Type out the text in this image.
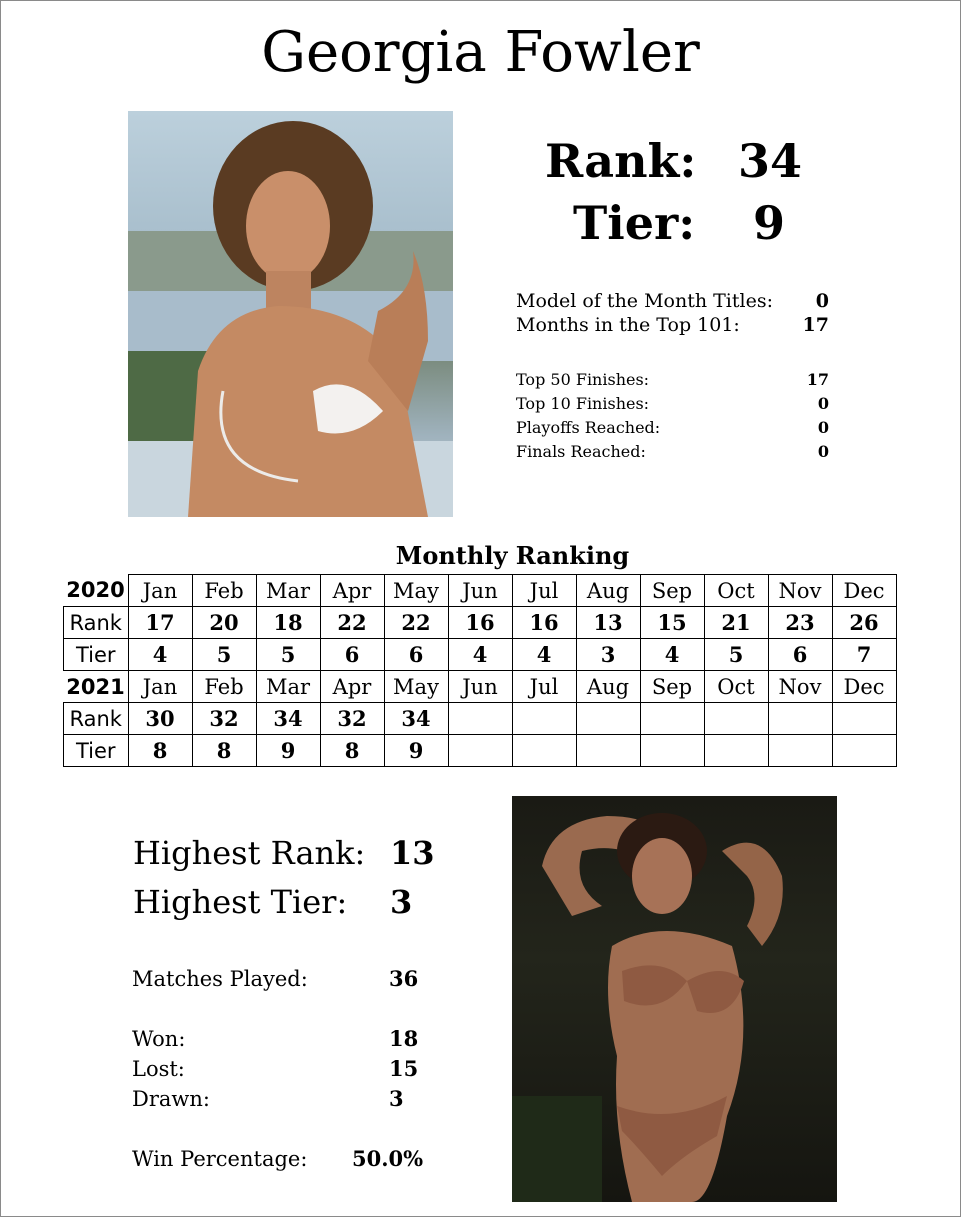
Georgia Fowler
Rank: 34
Tier: 9
Model of the Month Titles:	0
Months in the Top 101:	17
Top 50 Finishes:	17
Top 10 Finishes:	0
Playoffs Reached:	0
Finals Reached:	0
Monthly Ranking
2020	Jan	Feb	Mar	Apr	May	Jun	Jul	Aug	Sep	Oct	Nov	Dec
Rank	17	20	18	22	22	16	16	13	15	21	23	26
Tier	4	5	5	6	6	4	4	3	4	5	6	7
2021	Jan	Feb	Mar	Apr	May	Jun	Jul	Aug	Sep	Oct	Nov	Dec
Rank	30	32	34	32	34							
Tier	8	8	9	8	9							
Highest Rank: 13
Highest Tier: 3
Matches Played:	36
Won:	18
Lost:	15
Drawn:	3
Win Percentage: 50.0%
